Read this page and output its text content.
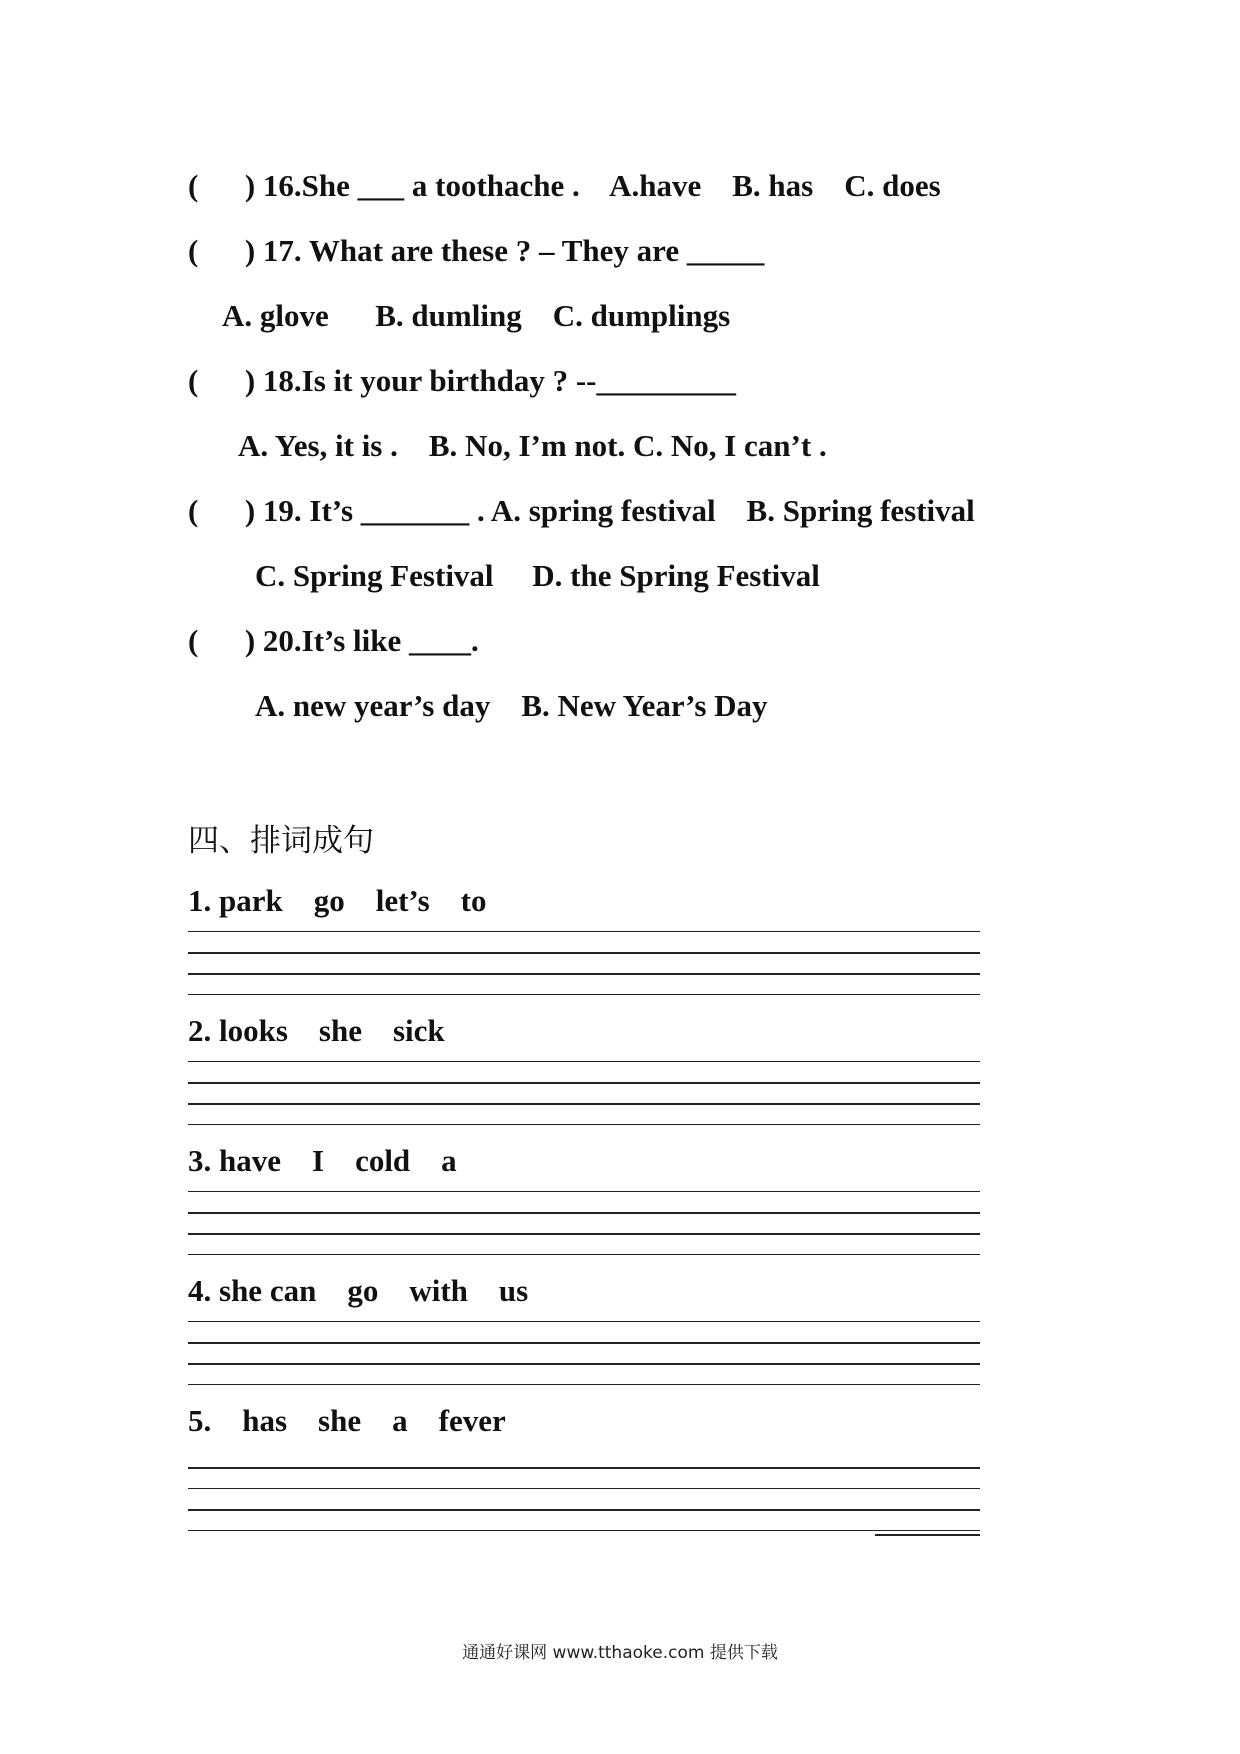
(      ) 16.She ___ a toothache .    A.have    B. has    C. does
(      ) 17. What are these ? – They are _____
A. glove      B. dumling    C. dumplings
(      ) 18.Is it your birthday ? --_________
A. Yes, it is .    B. No, I’m not. C. No, I can’t .
(      ) 19. It’s _______ . A. spring festival    B. Spring festival
C. Spring Festival     D. the Spring Festival
(      ) 20.It’s like ____.
A. new year’s day    B. New Year’s Day
四、排词成句
1. park    go    let’s    to
2. looks    she    sick
3. have    I    cold    a
4. she can    go    with    us
5.    has    she    a    fever
通通好课网 www.tthaoke.com 提供下载
